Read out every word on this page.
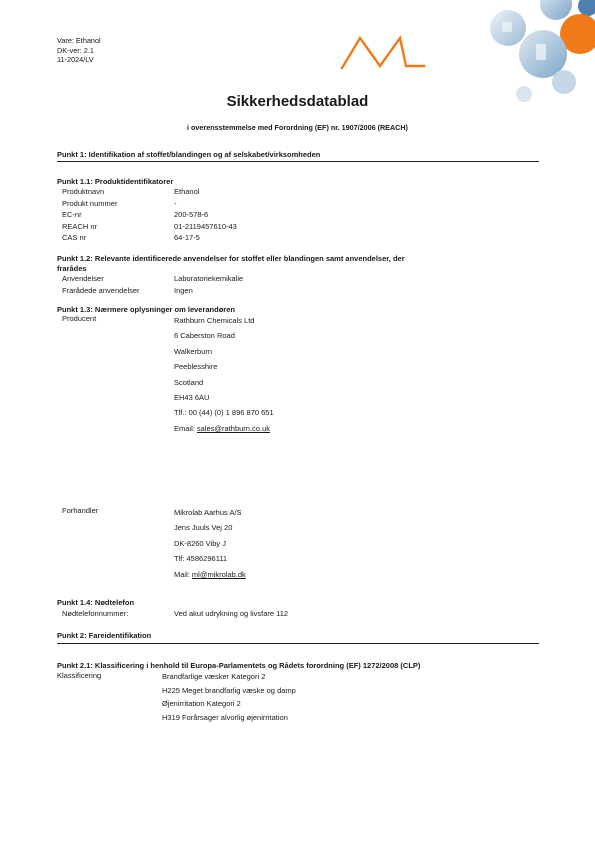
Vare: Ethanol
DK-ver: 2.1
11-2024/LV
Sikkerhedsdatablad
i overensstemmelse med Forordning (EF) nr. 1907/2006 (REACH)
Punkt 1: Identifikation af stoffet/blandingen og af selskabet/virksomheden
Punkt 1.1: Produktidentifikatorer
Produktnavn	Ethanol
Produkt nummer	-
EC-nr	200-578-6
REACH nr	01-2119457610-43
CAS nr	64-17-5
Punkt 1.2: Relevante identificerede anvendelser for stoffet eller blandingen samt anvendelser, der
frarådes
Anvendelser	Laboratoriekemikalie
Frarådede anvendelser	Ingen
Punkt 1.3: Nærmere oplysninger om leverandøren
Producent	Rathburn Chemicals Ltd
6 Caberston Road
Walkerburn
Peeblesshire
Scotland
EH43 6AU
Tlf.: 00 (44) (0) 1 896 870 651
Email: sales@rathburn.co.uk
Forhandler	Mikrolab Aarhus A/S
Jens Juuls Vej 20
DK-8260 Viby J
Tlf: 4586296111
Mail: ml@mikrolab.dk
Punkt 1.4: Nødtelefon
Nødtelefonnummer:	Ved akut udrykning og livsfare 112
Punkt 2: Fareidentifikation
Punkt 2.1: Klassificering i henhold til Europa-Parlamentets og Rådets forordning (EF) 1272/2008 (CLP)
Klassificering	Brandfarlige væsker Kategori 2
H225 Meget brandfarlig væske og damp
Øjenirritation Kategori 2
H319 Forårsager alvorlig øjenirritation
